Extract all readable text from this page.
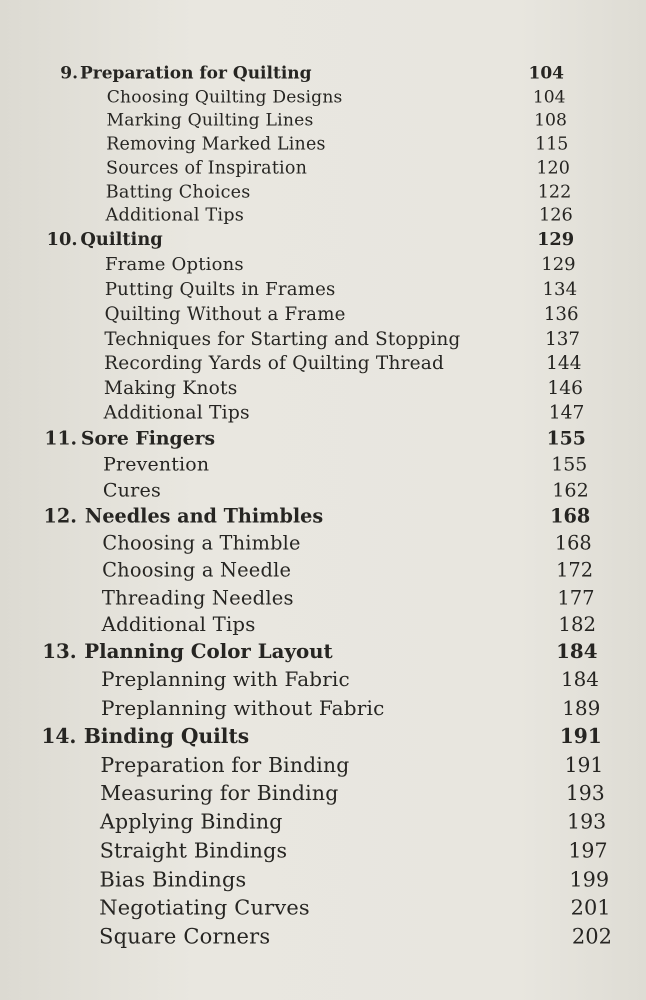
9. Preparation for Quilting	104
Choosing Quilting Designs	104
Marking Quilting Lines	108
Removing Marked Lines	115
Sources of Inspiration	120
Batting Choices	122
Additional Tips	126
10. Quilting	129
Frame Options	129
Putting Quilts in Frames	134
Quilting Without a Frame	136
Techniques for Starting and Stopping	137
Recording Yards of Quilting Thread	144
Making Knots	146
Additional Tips	147
11. Sore Fingers	155
Prevention	155
Cures	162
12. Needles and Thimbles	168
Choosing a Thimble	168
Choosing a Needle	172
Threading Needles	177
Additional Tips	182
13. Planning Color Layout	184
Preplanning with Fabric	184
Preplanning without Fabric	189
14. Binding Quilts	191
Preparation for Binding	191
Measuring for Binding	193
Applying Binding	193
Straight Bindings	197
Bias Bindings	199
Negotiating Curves	201
Square Corners	202
